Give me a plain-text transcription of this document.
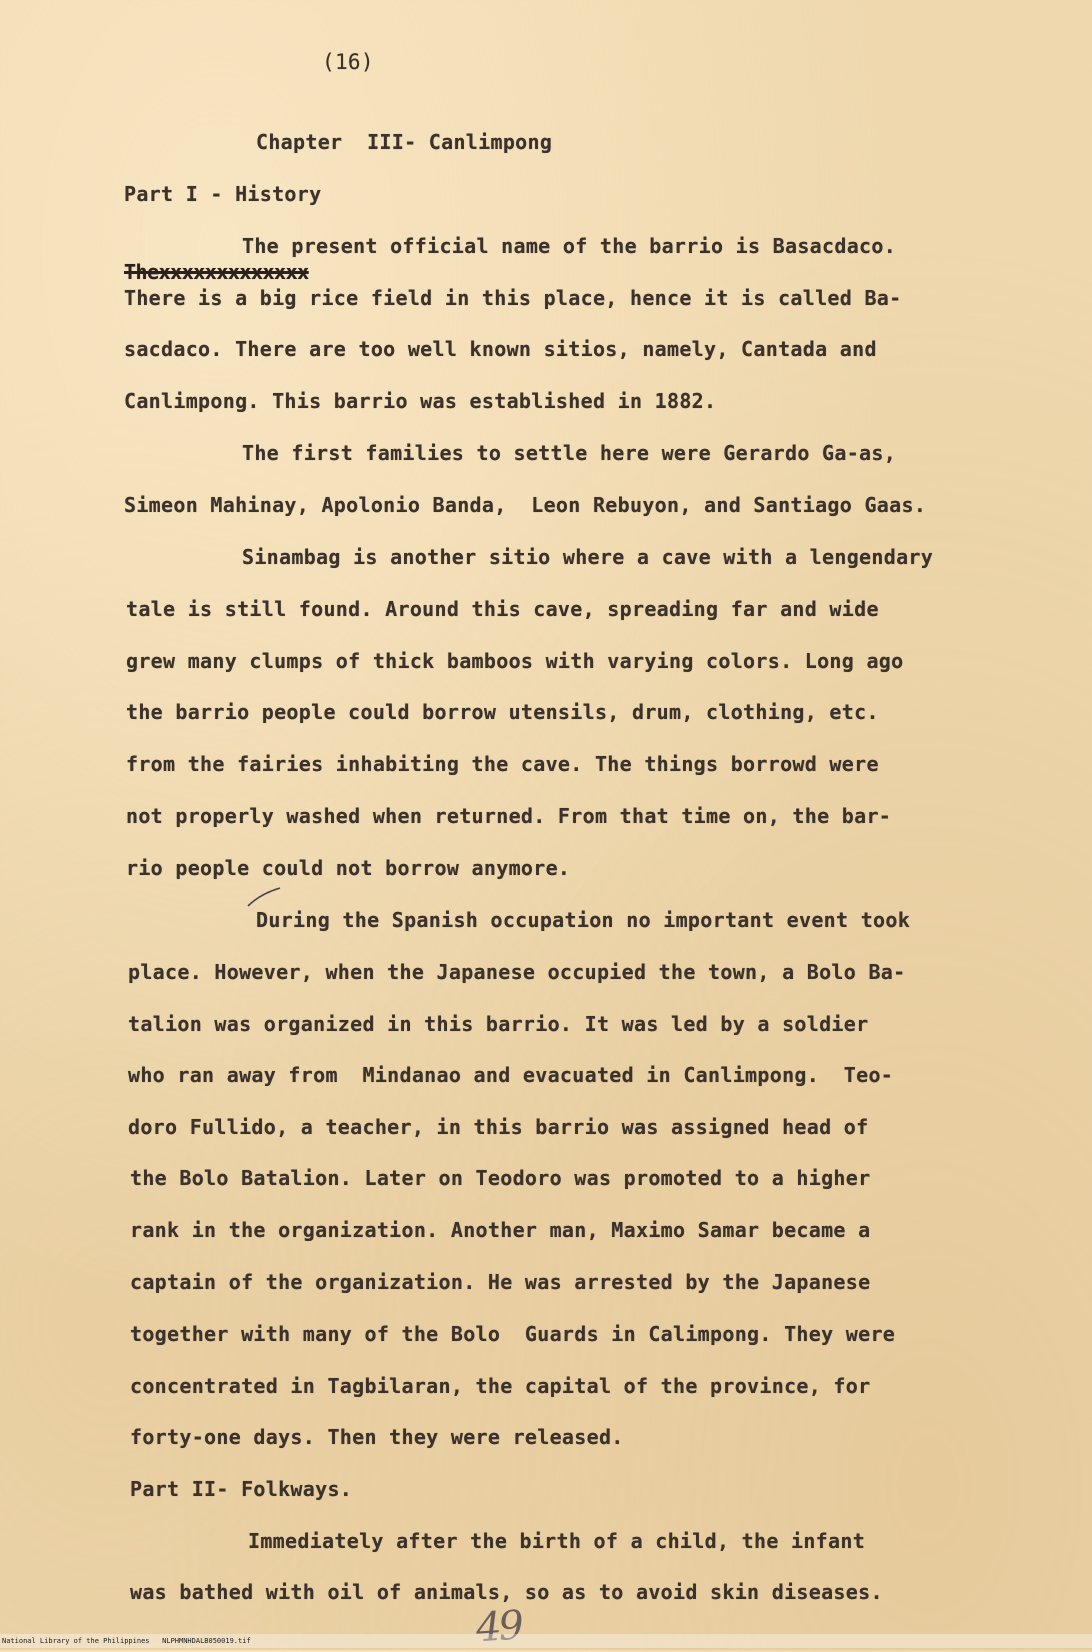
(16)
Chapter  III- Canlimpong
Part I - History
The present official name of the barrio is Basacdaco.
Thexxxxxxxxxxxxx
There is a big rice field in this place, hence it is called Ba-
sacdaco. There are too well known sitios, namely, Cantada and
Canlimpong. This barrio was established in 1882.
The first families to settle here were Gerardo Ga-as,
Simeon Mahinay, Apolonio Banda,  Leon Rebuyon, and Santiago Gaas.
Sinambag is another sitio where a cave with a lengendary
tale is still found. Around this cave, spreading far and wide
grew many clumps of thick bamboos with varying colors. Long ago
the barrio people could borrow utensils, drum, clothing, etc.
from the fairies inhabiting the cave. The things borrowd were
not properly washed when returned. From that time on, the bar-
rio people could not borrow anymore.
During the Spanish occupation no important event took
place. However, when the Japanese occupied the town, a Bolo Ba-
talion was organized in this barrio. It was led by a soldier
who ran away from  Mindanao and evacuated in Canlimpong.  Teo-
doro Fullido, a teacher, in this barrio was assigned head of
the Bolo Batalion. Later on Teodoro was promoted to a higher
rank in the organization. Another man, Maximo Samar became a
captain of the organization. He was arrested by the Japanese
together with many of the Bolo  Guards in Calimpong. They were
concentrated in Tagbilaran, the capital of the province, for
forty-one days. Then they were released.
Part II- Folkways.
Immediately after the birth of a child, the infant
was bathed with oil of animals, so as to avoid skin diseases.
49
National Library of the Philippines   NLPHMNHDALB050019.tif
